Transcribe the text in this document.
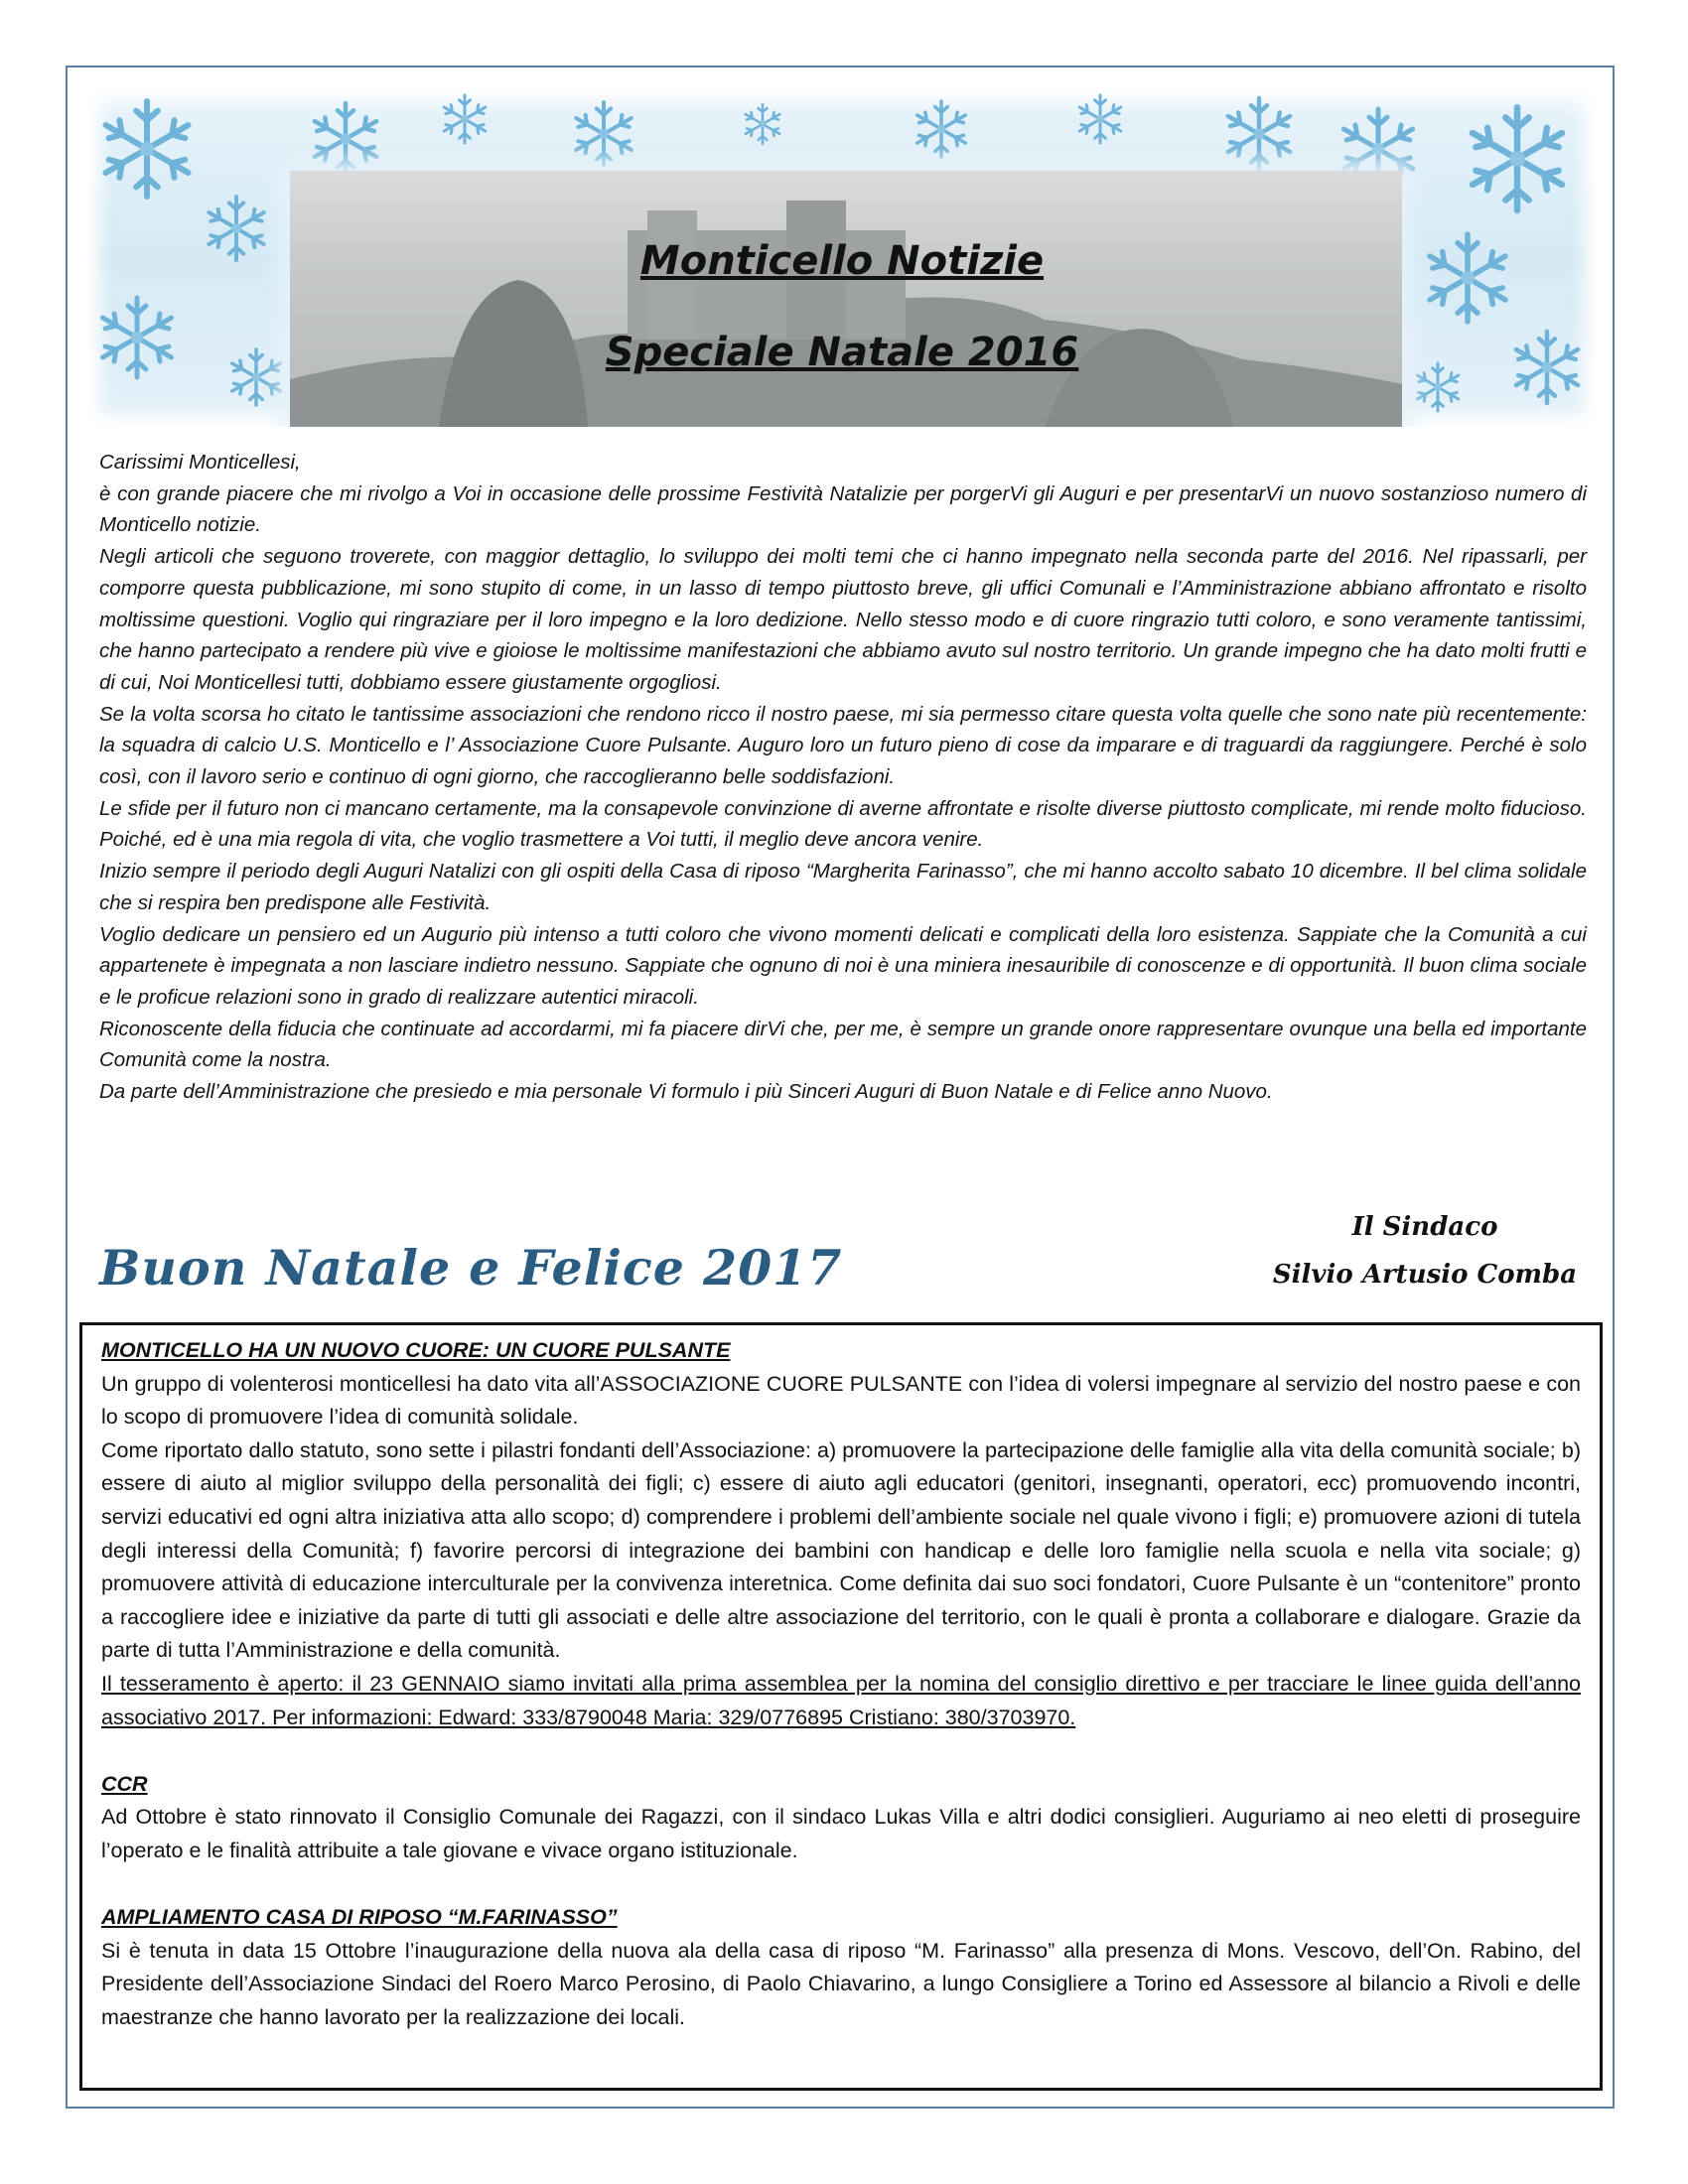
Monticello Notizie
Speciale Natale 2016

Carissimi Monticellesi,

è con grande piacere che mi rivolgo a Voi in occasione delle prossime Festività Natalizie per porgerVi gli Auguri e per presentarVi un nuovo sostanzioso numero di Monticello notizie.

Negli articoli che seguono troverete, con maggior dettaglio, lo sviluppo dei molti temi che ci hanno impegnato nella seconda parte del 2016. Nel ripassarli, per comporre questa pubblicazione, mi sono stupito di come, in un lasso di tempo piuttosto breve, gli uffici Comunali e l’Amministrazione abbiano affrontato e risolto moltissime questioni. Voglio qui ringraziare per il loro impegno e la loro dedizione. Nello stesso modo e di cuore ringrazio tutti coloro, e sono veramente tantissimi, che hanno partecipato a rendere più vive e gioiose le moltissime manifestazioni che abbiamo avuto sul nostro territorio. Un grande impegno che ha dato molti frutti e di cui, Noi Monticellesi tutti, dobbiamo essere giustamente orgogliosi.

Se la volta scorsa ho citato le tantissime associazioni che rendono ricco il nostro paese, mi sia permesso citare questa volta quelle che sono nate più recentemente: la squadra di calcio U.S. Monticello e l’ Associazione Cuore Pulsante. Auguro loro un futuro pieno di cose da imparare e di traguardi da raggiungere. Perché è solo così, con il lavoro serio e continuo di ogni giorno, che raccoglieranno belle soddisfazioni.

Le sfide per il futuro non ci mancano certamente, ma la consapevole convinzione di averne affrontate e risolte diverse piuttosto complicate, mi rende molto fiducioso. Poiché, ed è una mia regola di vita, che voglio trasmettere a Voi tutti, il meglio deve ancora venire.

Inizio sempre il periodo degli Auguri Natalizi con gli ospiti della Casa di riposo “Margherita Farinasso”, che mi hanno accolto sabato 10 dicembre. Il bel clima solidale che si respira ben predispone alle Festività.

Voglio dedicare un pensiero ed un Augurio più intenso a tutti coloro che vivono momenti delicati e complicati della loro esistenza. Sappiate che la Comunità a cui appartenete è impegnata a non lasciare indietro nessuno. Sappiate che ognuno di noi è una miniera inesauribile di conoscenze e di opportunità. Il buon clima sociale e le proficue relazioni sono in grado di realizzare autentici miracoli.

Riconoscente della fiducia che continuate ad accordarmi, mi fa piacere dirVi che, per me, è sempre un grande onore rappresentare ovunque una bella ed importante Comunità come la nostra.

Da parte dell’Amministrazione che presiedo e mia personale Vi formulo i più Sinceri Auguri di Buon Natale e di Felice anno Nuovo.

Buon Natale e Felice 2017
Il Sindaco
Silvio Artusio Comba

MONTICELLO HA UN NUOVO CUORE: UN CUORE PULSANTE

Un gruppo di volenterosi monticellesi ha dato vita all’ASSOCIAZIONE CUORE PULSANTE con l’idea di volersi impegnare al servizio del nostro paese e con lo scopo di promuovere l’idea di comunità solidale.

Come riportato dallo statuto, sono sette i pilastri fondanti dell’Associazione: a) promuovere la partecipazione delle famiglie alla vita della comunità sociale; b) essere di aiuto al miglior sviluppo della personalità dei figli; c) essere di aiuto agli educatori (genitori, insegnanti, operatori, ecc) promuovendo incontri, servizi educativi ed ogni altra iniziativa atta allo scopo; d) comprendere i problemi dell’ambiente sociale nel quale vivono i figli; e) promuovere azioni di tutela degli interessi della Comunità; f) favorire percorsi di integrazione dei bambini con handicap e delle loro famiglie nella scuola e nella vita sociale; g) promuovere attività di educazione interculturale per la convivenza interetnica. Come definita dai suo soci fondatori, Cuore Pulsante è un “contenitore” pronto a raccogliere idee e iniziative da parte di tutti gli associati e delle altre associazione del territorio, con le quali è pronta a collaborare e dialogare. Grazie da parte di tutta l’Amministrazione e della comunità.

Il tesseramento è aperto: il 23 GENNAIO siamo invitati alla prima assemblea per la nomina del consiglio direttivo e per tracciare le linee guida dell’anno associativo 2017. Per informazioni: Edward: 333/8790048 Maria: 329/0776895 Cristiano: 380/3703970.

CCR

Ad Ottobre è stato rinnovato il Consiglio Comunale dei Ragazzi, con il sindaco Lukas Villa e altri dodici consiglieri. Auguriamo ai neo eletti di proseguire l’operato e le finalità attribuite a tale giovane e vivace organo istituzionale.

AMPLIAMENTO CASA DI RIPOSO “M.FARINASSO”

Si è tenuta in data 15 Ottobre l’inaugurazione della nuova ala della casa di riposo “M. Farinasso” alla presenza di Mons. Vescovo, dell’On. Rabino, del Presidente dell’Associazione Sindaci del Roero Marco Perosino, di Paolo Chiavarino, a lungo Consigliere a Torino ed Assessore al bilancio a Rivoli e delle maestranze che hanno lavorato per la realizzazione dei locali.
